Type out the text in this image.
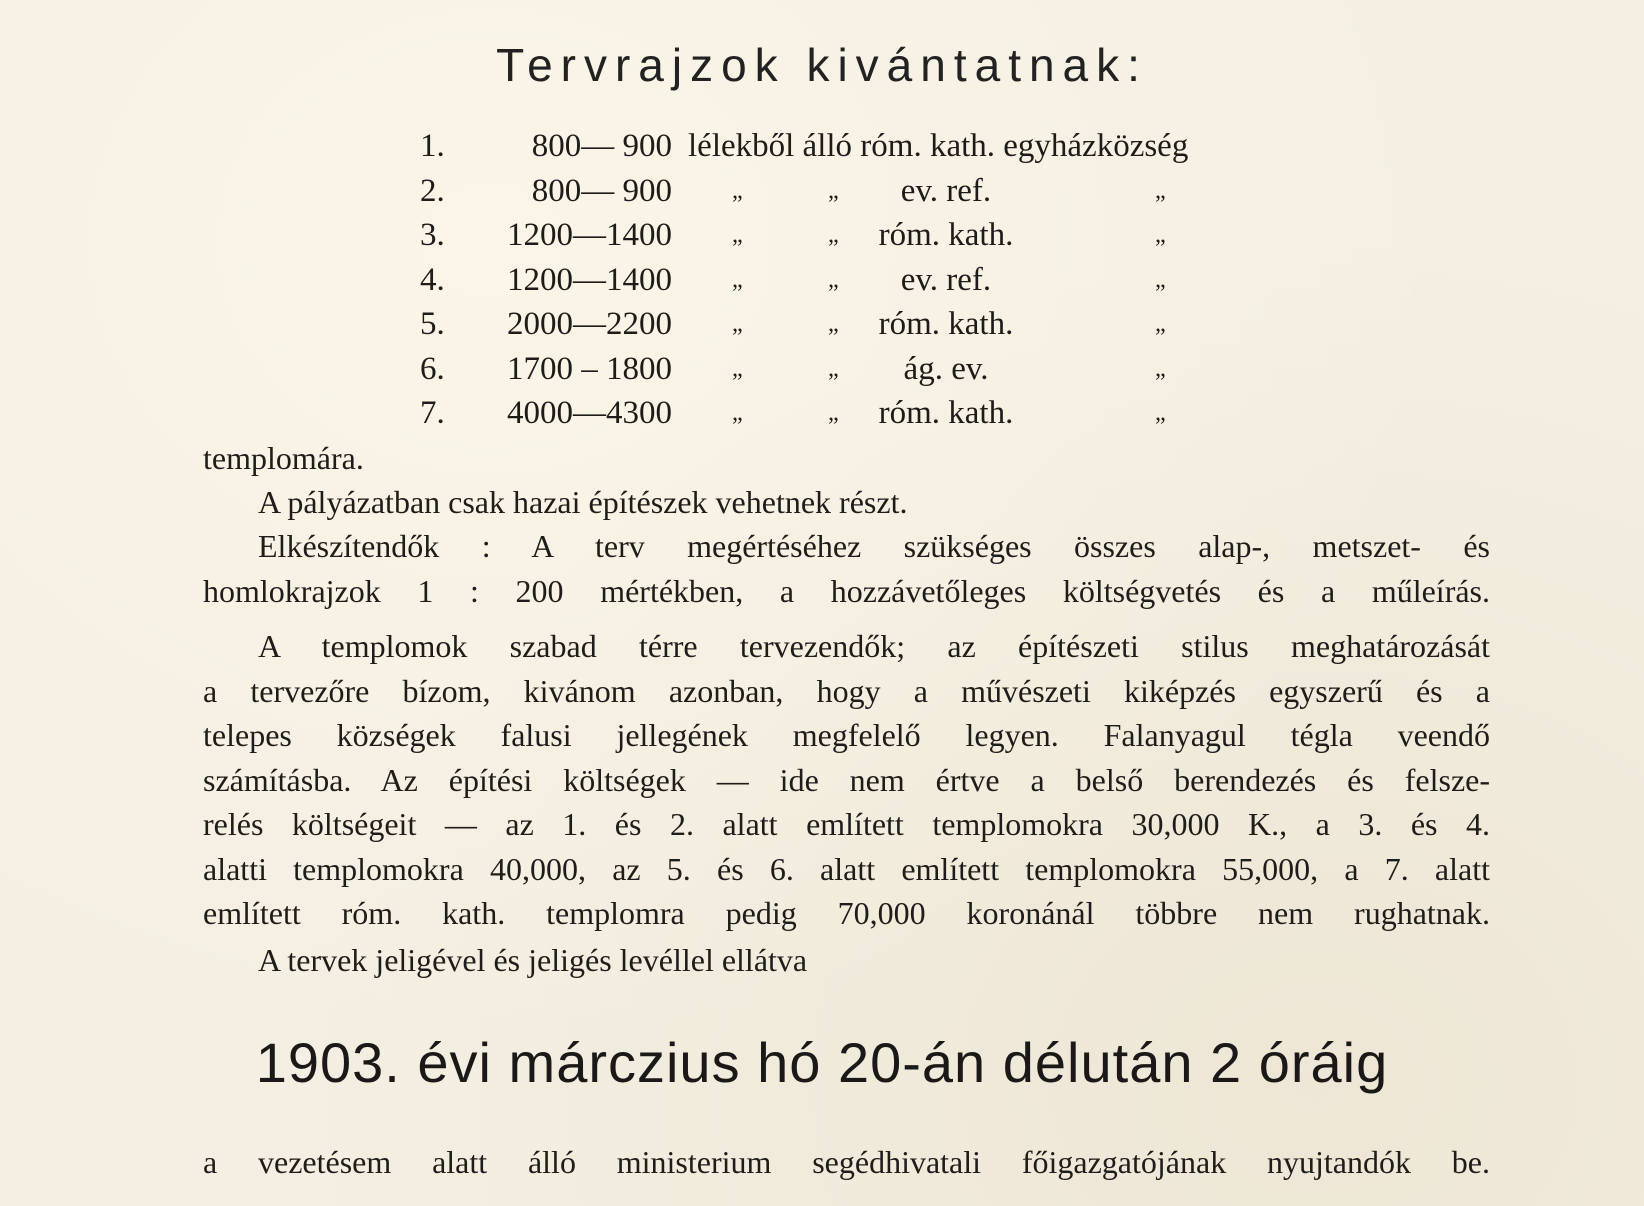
Tervrajzok kivántatnak:
1.	800— 900 lélekből álló róm. kath. egyházközség
2.	800— 900	„	„	ev. ref.	„
3.	1200—1400	„	„	róm. kath.	„
4.	1200—1400	„	„	ev. ref.	„
5.	2000—2200	„	„	róm. kath.	„
6.	1700 – 1800	„	„	ág. ev.	„
7.	4000—4300	„	„	róm. kath.	„
templomára.
A pályázatban csak hazai építészek vehetnek részt.
Elkészítendők : A terv megértéséhez szükséges összes alap-, metszet- és
homlokrajzok 1 : 200 mértékben, a hozzávetőleges költségvetés és a műleírás.
A templomok szabad térre tervezendők; az építészeti stilus meghatározását
a tervezőre bízom, kivánom azonban, hogy a művészeti kiképzés egyszerű és a
telepes községek falusi jellegének megfelelő legyen. Falanyagul tégla veendő
számításba. Az építési költségek — ide nem értve a belső berendezés és felsze-
relés költségeit — az 1. és 2. alatt említett templomokra 30,000 K., a 3. és 4.
alatti templomokra 40,000, az 5. és 6. alatt említett templomokra 55,000, a 7. alatt
említett róm. kath. templomra pedig 70,000 koronánál többre nem rughatnak.
A tervek jeligével és jeligés levéllel ellátva
1903. évi márczius hó 20-án délután 2 óráig
a vezetésem alatt álló ministerium segédhivatali főigazgatójának nyujtandók be.
